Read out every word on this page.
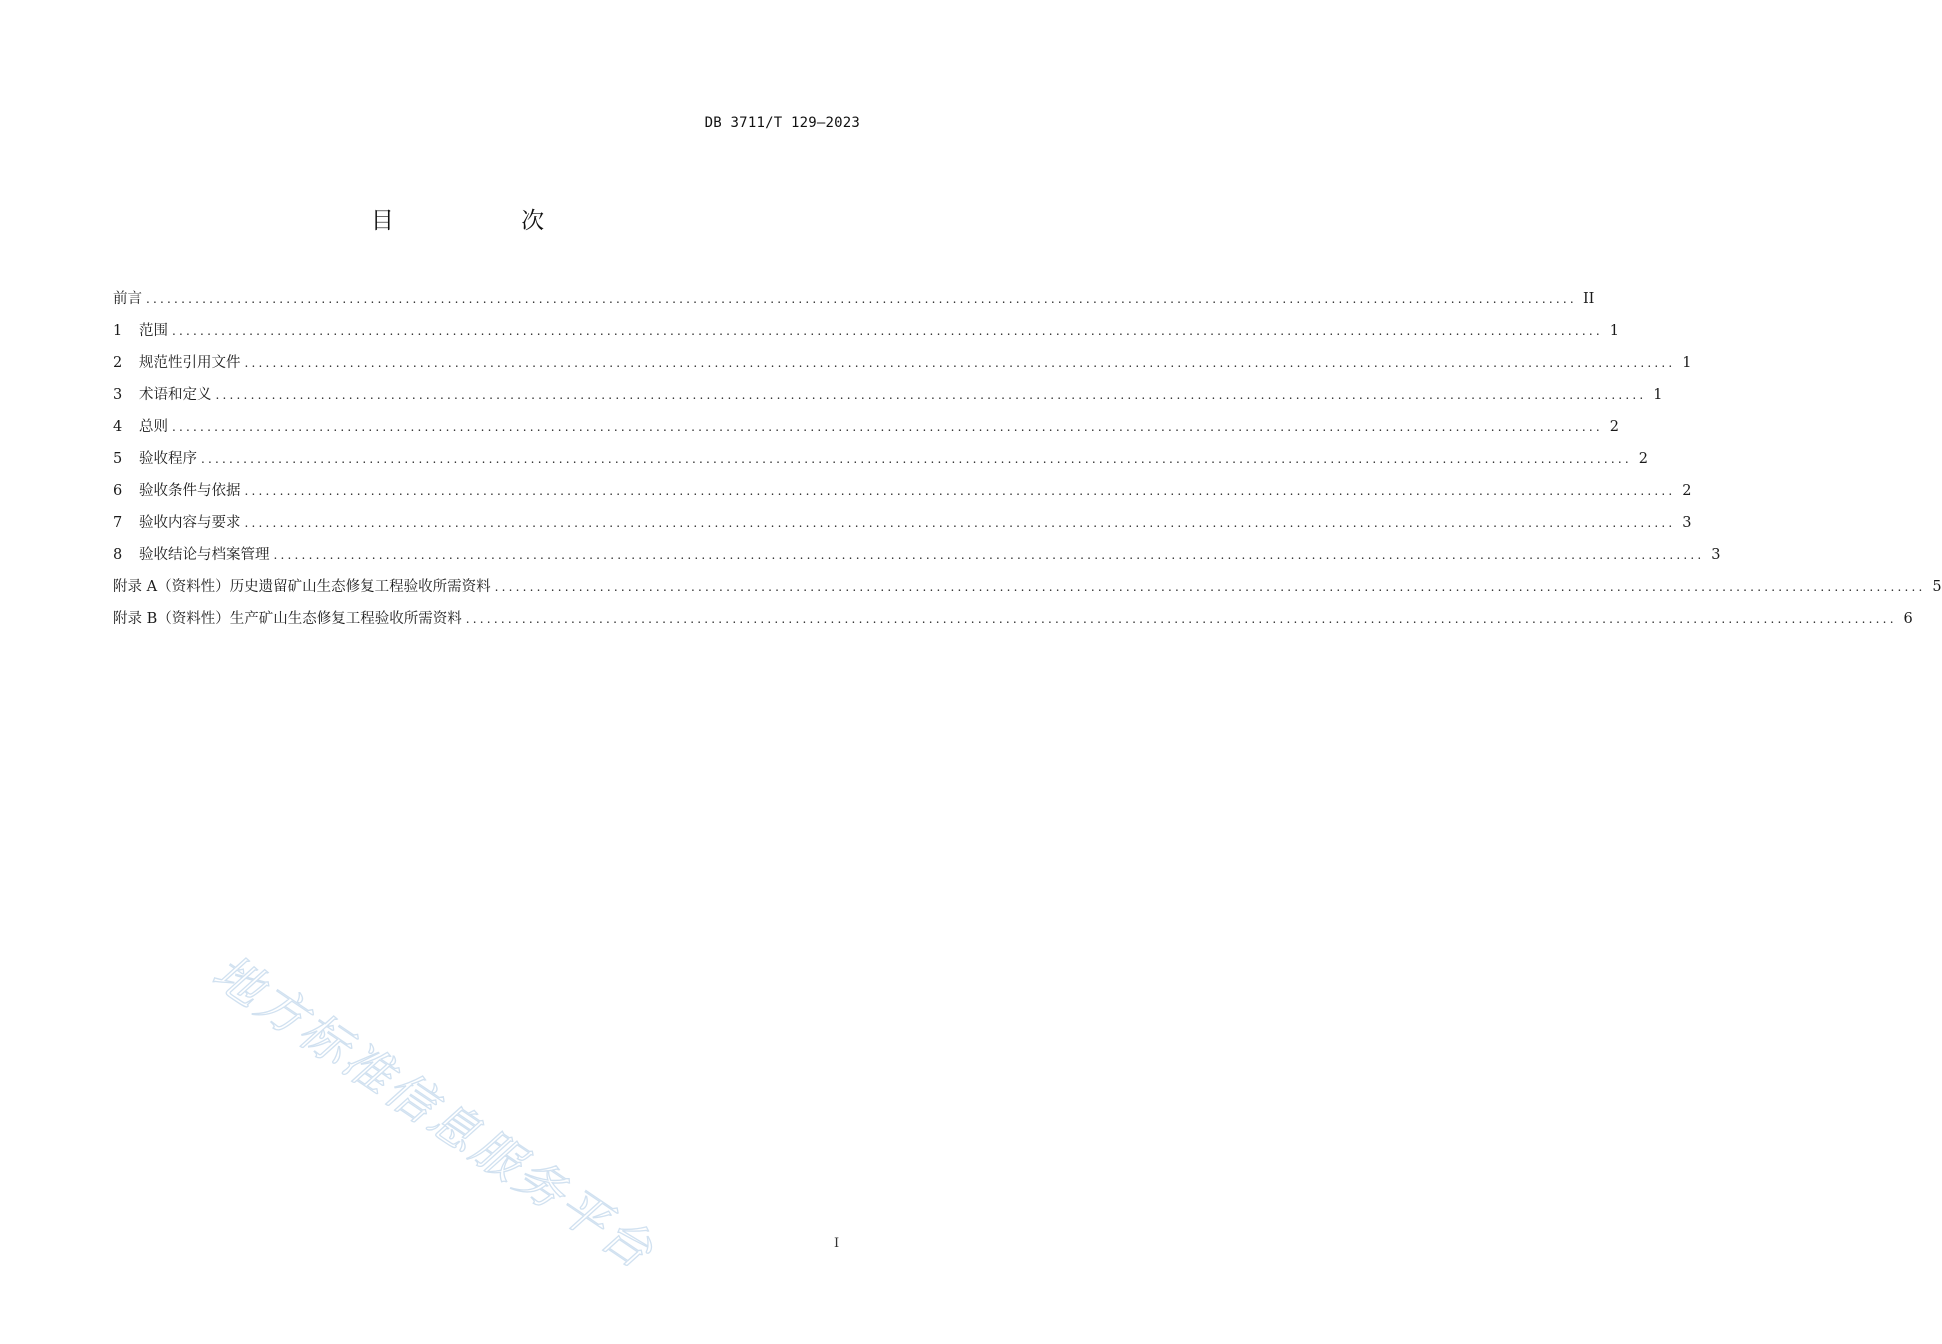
DB 3711/T 129—2023
目 次
前言 ............................................................................................................................................................................................................ II
1	范围 ............................................................................................................................................................................................................ 1
2	规范性引用文件 ............................................................................................................................................................................................................ 1
3	术语和定义 ............................................................................................................................................................................................................ 1
4	总则 ............................................................................................................................................................................................................ 2
5	验收程序 ............................................................................................................................................................................................................ 2
6	验收条件与依据 ............................................................................................................................................................................................................ 2
7	验收内容与要求 ............................................................................................................................................................................................................ 3
8	验收结论与档案管理 ............................................................................................................................................................................................................ 3
附录 A（资料性） 历史遗留矿山生态修复工程验收所需资料 ............................................................................................................................................................................................................ 5
附录 B（资料性） 生产矿山生态修复工程验收所需资料 ............................................................................................................................................................................................................ 6
地方标准信息服务平台	I
